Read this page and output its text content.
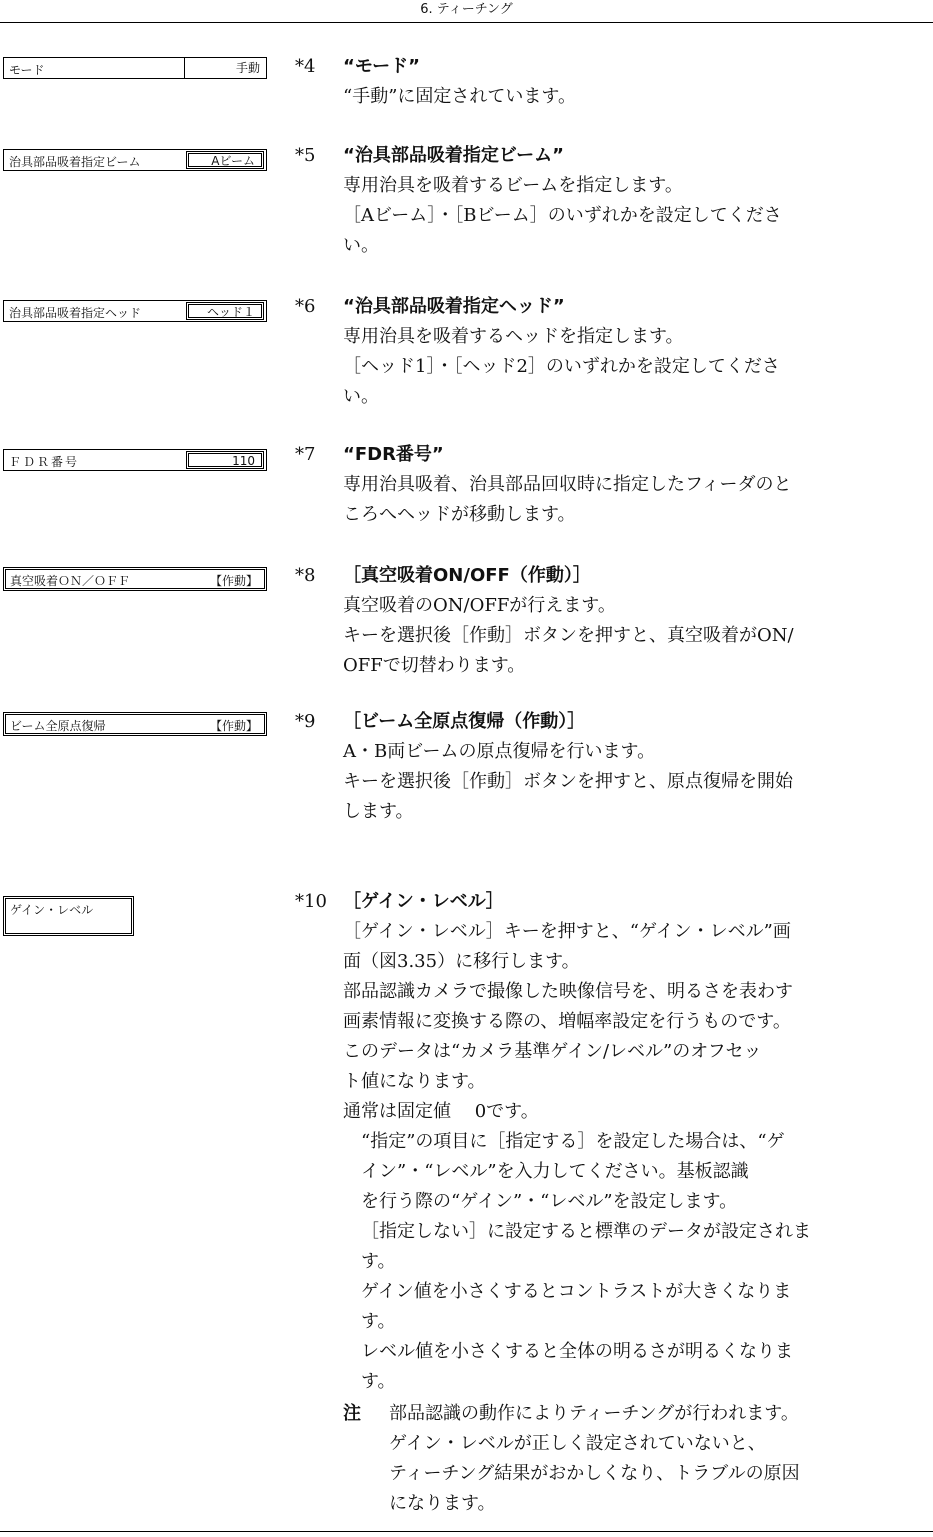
6. ティーチング
モード	手動
治具部品吸着指定ビーム	Aビーム
治具部品吸着指定ヘッド	ヘッド１
ＦＤＲ番号	110
真空吸着ＯＮ／ＯＦＦ	【作動】
ビーム全原点復帰	【作動】
ゲイン・レベル
*4 “モード”

“手動”に固定されています。

*5 “治具部品吸着指定ビーム”

専用治具を吸着するビームを指定します。

［Aビーム］・［Bビーム］のいずれかを設定してくださ

い。

*6 “治具部品吸着指定ヘッド”

専用治具を吸着するヘッドを指定します。

［ヘッド1］・［ヘッド2］のいずれかを設定してくださ

い。

*7 “FDR番号”

専用治具吸着、治具部品回収時に指定したフィーダのと

ころへヘッドが移動します。

*8 ［真空吸着ON/OFF（作動）］

真空吸着のON/OFFが行えます。

キーを選択後［作動］ボタンを押すと、真空吸着がON/

OFFで切替わります。

*9 ［ビーム全原点復帰（作動）］

A・B両ビームの原点復帰を行います。

キーを選択後［作動］ボタンを押すと、原点復帰を開始

します。

*10 ［ゲイン・レベル］

［ゲイン・レベル］キーを押すと、“ゲイン・レベル”画

面（図3.35）に移行します。

部品認識カメラで撮像した映像信号を、明るさを表わす

画素情報に変換する際の、増幅率設定を行うものです。

このデータは“カメラ基準ゲイン/レベル”のオフセッ

ト値になります。

通常は固定値　 0です。

“指定”の項目に［指定する］を設定した場合は、“ゲ

イン”・“レベル”を入力してください。基板認識

を行う際の“ゲイン”・“レベル”を設定します。

［指定しない］に設定すると標準のデータが設定されま

す。

ゲイン値を小さくするとコントラストが大きくなりま

す。

レベル値を小さくすると全体の明るさが明るくなりま

す。

注 部品認識の動作によりティーチングが行われます。

ゲイン・レベルが正しく設定されていないと、

ティーチング結果がおかしくなり、トラブルの原因

になります。
